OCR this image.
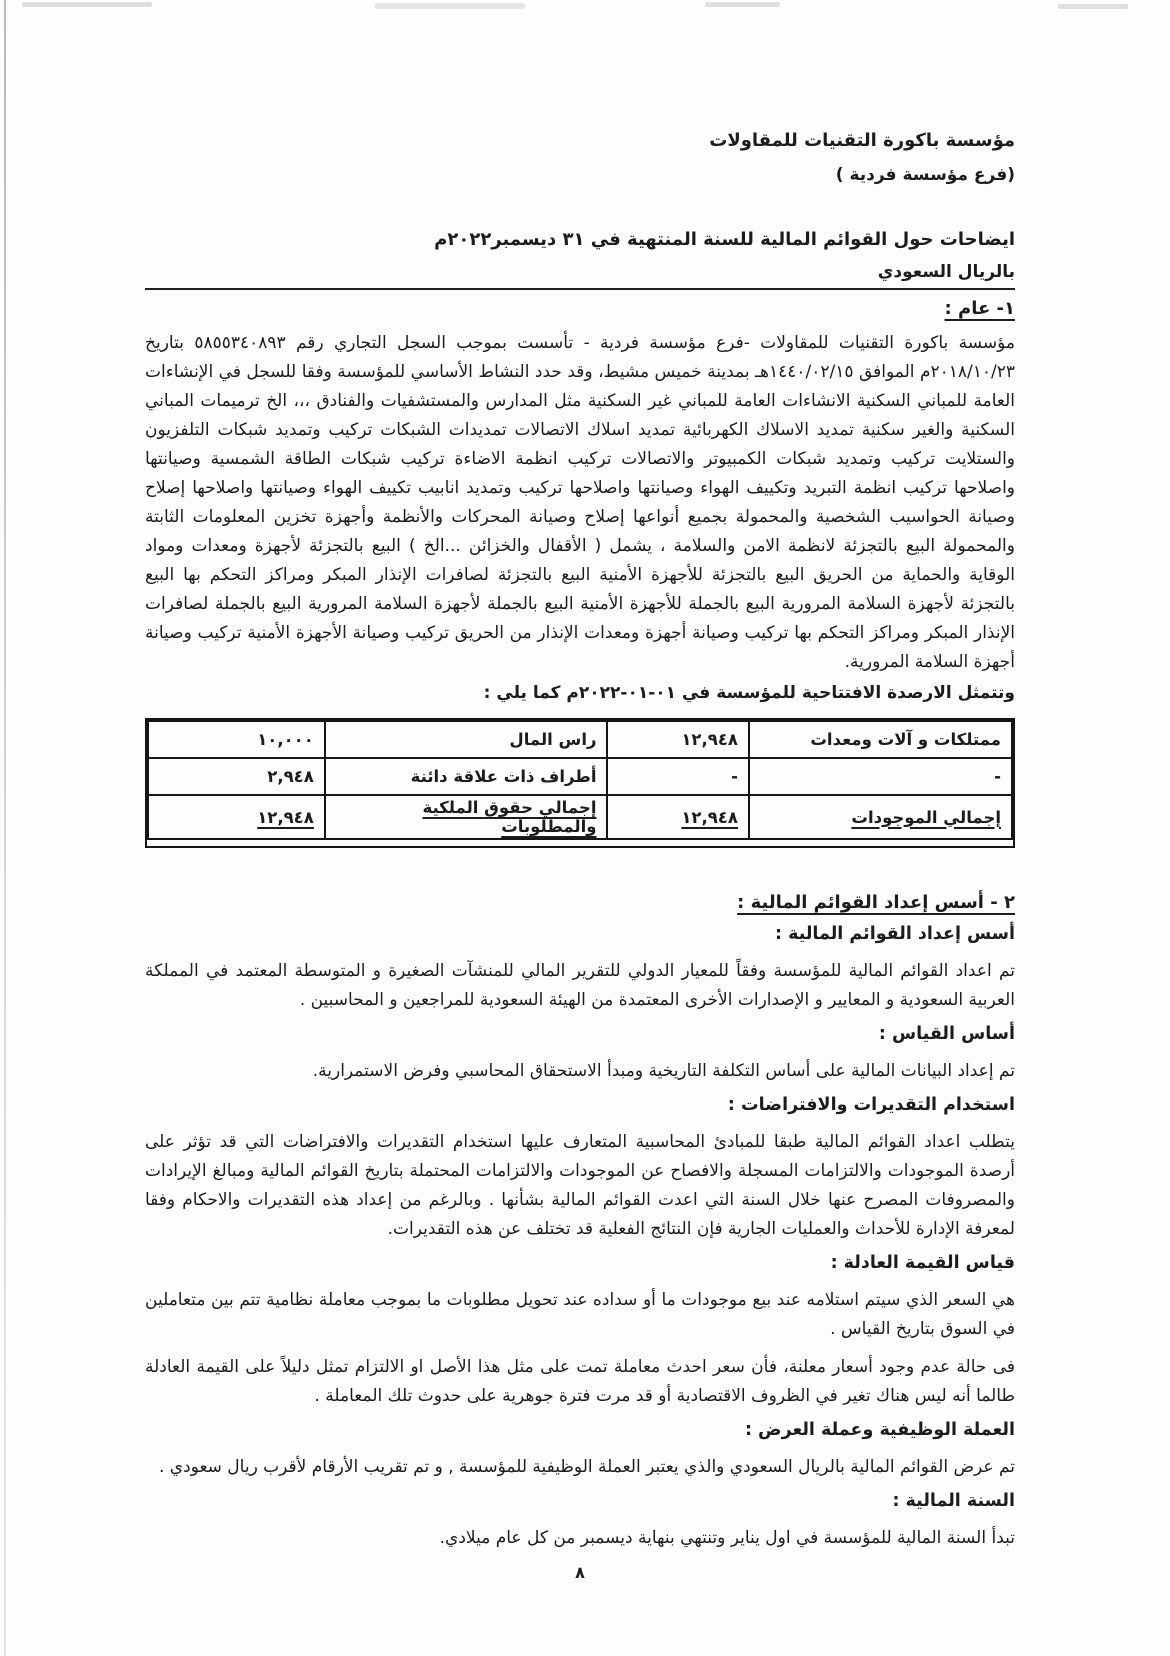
مؤسسة باكورة التقنيات للمقاولات
(فرع مؤسسة فردية )
ايضاحات حول القوائم المالية للسنة المنتهية في ٣١ ديسمبر٢٠٢٢م
بالريال السعودي
١- عام :

مؤسسة باكورة التقنيات للمقاولات -فرع مؤسسة فردية - تأسست بموجب السجل التجاري رقم ٥٨٥٥٣٤٠٨٩٣ بتاريخ ٢٠١٨/١٠/٢٣م الموافق ١٤٤٠/٠٢/١٥هـ بمدينة خميس مشيط، وقد حدد النشاط الأساسي للمؤسسة وفقا للسجل في الإنشاءات العامة للمباني السكنية الانشاءات العامة للمباني غير السكنية مثل المدارس والمستشفيات والفنادق ،،، الخ ترميمات المباني السكنية والغير سكنية تمديد الاسلاك الكهربائية تمديد اسلاك الاتصالات تمديدات الشبكات تركيب وتمديد شبكات التلفزيون والستلايت تركيب وتمديد شبكات الكمبيوتر والاتصالات تركيب انظمة الاضاءة تركيب شبكات الطاقة الشمسية وصيانتها واصلاحها تركيب انظمة التبريد وتكييف الهواء وصيانتها واصلاحها تركيب وتمديد انابيب تكييف الهواء وصيانتها واصلاحها إصلاح وصيانة الحواسيب الشخصية والمحمولة بجميع أنواعها إصلاح وصيانة المحركات والأنظمة وأجهزة تخزين المعلومات الثابتة والمحمولة البيع بالتجزئة لانظمة الامن والسلامة ، يشمل ( الأقفال والخزائن ...الخ ) البيع بالتجزئة لأجهزة ومعدات ومواد الوقاية والحماية من الحريق البيع بالتجزئة للأجهزة الأمنية البيع بالتجزئة لصافرات الإنذار المبكر ومراكز التحكم بها البيع بالتجزئة لأجهزة السلامة المرورية البيع بالجملة للأجهزة الأمنية البيع بالجملة لأجهزة السلامة المرورية البيع بالجملة لصافرات الإنذار المبكر ومراكز التحكم بها تركيب وصيانة أجهزة ومعدات الإنذار من الحريق تركيب وصيانة الأجهزة الأمنية تركيب وصيانة أجهزة السلامة المرورية.

وتتمثل الارصدة الافتتاحية للمؤسسة في ٠١-٠١-٢٠٢٢م كما يلي :

ممتلكات و آلات ومعدات	١٢,٩٤٨	راس المال	١٠,٠٠٠
-	-	أطراف ذات علاقة دائنة	٢,٩٤٨
إجمالي الموجودات	١٢,٩٤٨	إجمالي حقوق الملكية والمطلوبات	١٢,٩٤٨
٢ - أسس إعداد القوائم المالية :
أسس إعداد القوائم المالية :

تم اعداد القوائم المالية للمؤسسة وفقاً للمعيار الدولي للتقرير المالي للمنشآت الصغيرة و المتوسطة المعتمد في المملكة العربية السعودية و المعايير و الإصدارات الأخرى المعتمدة من الهيئة السعودية للمراجعين و المحاسبين .

أساس القياس :

تم إعداد البيانات المالية على أساس التكلفة التاريخية ومبدأ الاستحقاق المحاسبي وفرض الاستمرارية.

استخدام التقديرات والافتراضات :

يتطلب اعداد القوائم المالية طبقا للمبادئ المحاسبية المتعارف عليها استخدام التقديرات والافتراضات التي قد تؤثر على أرصدة الموجودات والالتزامات المسجلة والافصاح عن الموجودات والالتزامات المحتملة بتاريخ القوائم المالية ومبالغ الإيرادات والمصروفات المصرح عنها خلال السنة التي اعدت القوائم المالية بشأنها . وبالرغم من إعداد هذه التقديرات والاحكام وفقا لمعرفة الإدارة للأحداث والعمليات الجارية فإن النتائج الفعلية قد تختلف عن هذه التقديرات.

قياس القيمة العادلة :

هي السعر الذي سيتم استلامه عند بيع موجودات ما أو سداده عند تحويل مطلوبات ما بموجب معاملة نظامية تتم بين متعاملين في السوق بتاريخ القياس .

فى حالة عدم وجود أسعار معلنة، فأن سعر احدث معاملة تمت على مثل هذا الأصل او الالتزام تمثل دليلاً على القيمة العادلة طالما أنه ليس هناك تغير في الظروف الاقتصادية أو قد مرت فترة جوهرية على حدوث تلك المعاملة .

العملة الوظيفية وعملة العرض :

تم عرض القوائم المالية بالريال السعودي والذي يعتبر العملة الوظيفية للمؤسسة , و تم تقريب الأرقام لأقرب ريال سعودي .

السنة المالية :

تبدأ السنة المالية للمؤسسة في اول يناير وتنتهي بنهاية ديسمبر من كل عام ميلادي.

٨
